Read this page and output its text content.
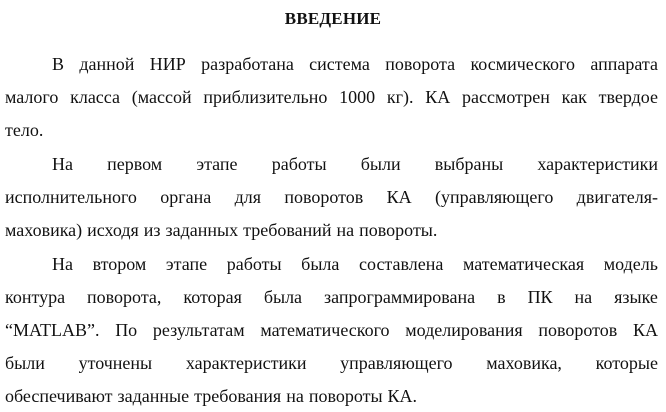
ВВЕДЕНИЕ
В данной НИР разработана система поворота космического аппарата
малого класса (массой приблизительно 1000 кг). КА рассмотрен как твердое
тело.
На первом этапе работы были выбраны характеристики
исполнительного органа для поворотов КА (управляющего двигателя-
маховика) исходя из заданных требований на повороты.
На втором этапе работы была составлена математическая модель
контура поворота, которая была запрограммирована в ПК на языке
“MATLAB”. По результатам математического моделирования поворотов КА
были уточнены характеристики управляющего маховика, которые
обеспечивают заданные требования на повороты КА.
